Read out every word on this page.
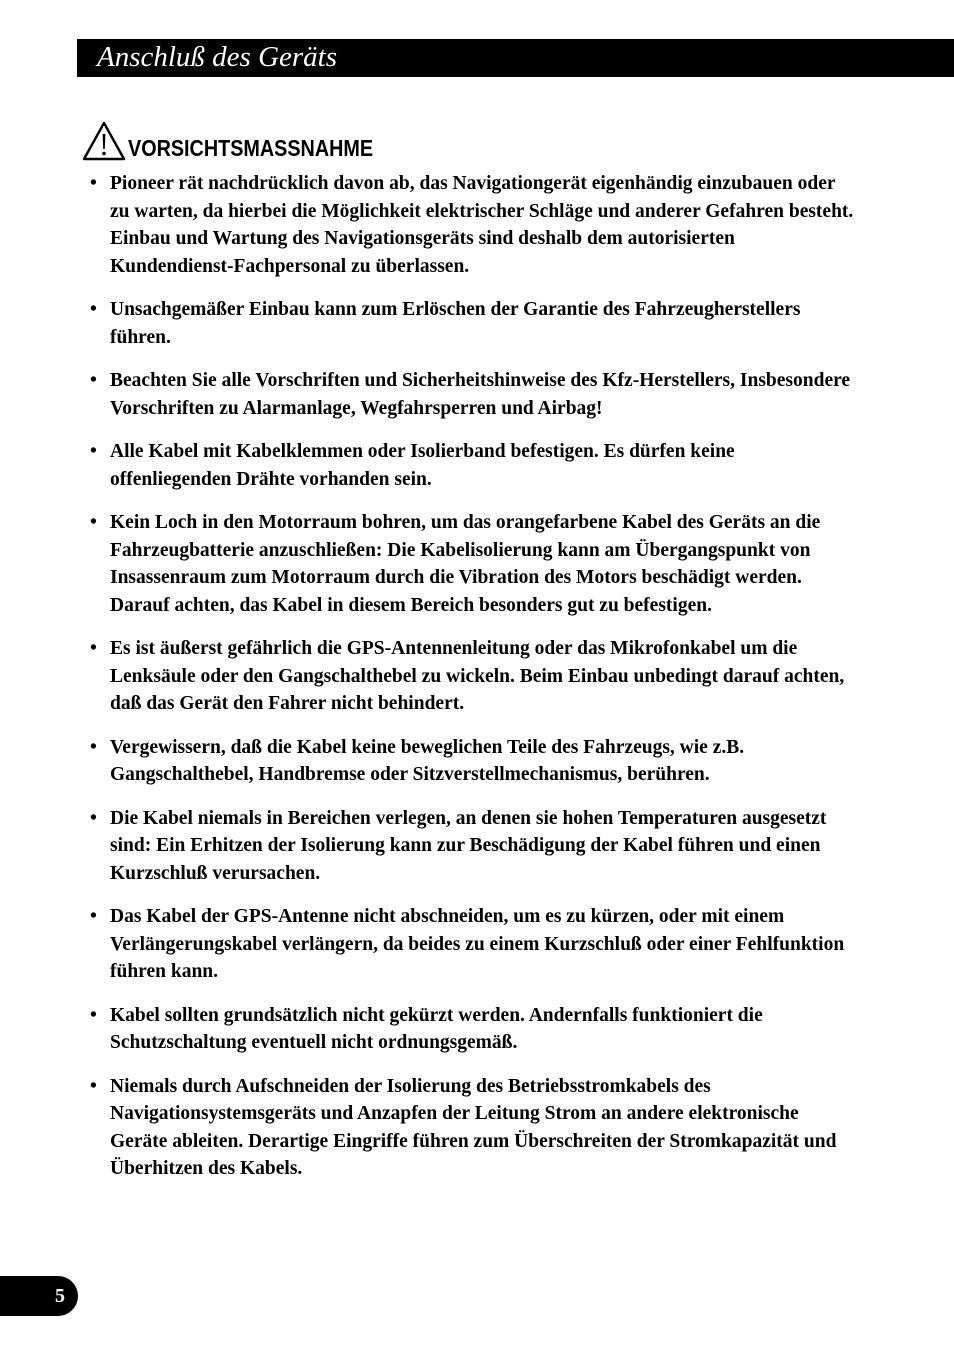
Anschluß des Geräts
VORSICHTSMASSNAHME
• Pioneer rät nachdrücklich davon ab, das Navigationgerät eigenhändig einzubauen oder zu warten, da hierbei die Möglichkeit elektrischer Schläge und anderer Gefahren besteht. Einbau und Wartung des Navigationsgeräts sind deshalb dem autorisierten Kundendienst-Fachpersonal zu überlassen.
• Unsachgemäßer Einbau kann zum Erlöschen der Garantie des Fahrzeugherstellers führen.
• Beachten Sie alle Vorschriften und Sicherheitshinweise des Kfz-Herstellers, Insbesondere Vorschriften zu Alarmanlage, Wegfahrsperren und Airbag!
• Alle Kabel mit Kabelklemmen oder Isolierband befestigen. Es dürfen keine offenliegenden Drähte vorhanden sein.
• Kein Loch in den Motorraum bohren, um das orangefarbene Kabel des Geräts an die Fahrzeugbatterie anzuschließen: Die Kabelisolierung kann am Übergangspunkt von Insassenraum zum Motorraum durch die Vibration des Motors beschädigt werden. Darauf achten, das Kabel in diesem Bereich besonders gut zu befestigen.
• Es ist äußerst gefährlich die GPS-Antennenleitung oder das Mikrofonkabel um die Lenksäule oder den Gangschalthebel zu wickeln. Beim Einbau unbedingt darauf achten, daß das Gerät den Fahrer nicht behindert.
• Vergewissern, daß die Kabel keine beweglichen Teile des Fahrzeugs, wie z.B. Gangschalthebel, Handbremse oder Sitzverstellmechanismus, berühren.
• Die Kabel niemals in Bereichen verlegen, an denen sie hohen Temperaturen ausgesetzt sind: Ein Erhitzen der Isolierung kann zur Beschädigung der Kabel führen und einen Kurzschluß verursachen.
• Das Kabel der GPS-Antenne nicht abschneiden, um es zu kürzen, oder mit einem Verlängerungskabel verlängern, da beides zu einem Kurzschluß oder einer Fehlfunktion führen kann.
• Kabel sollten grundsätzlich nicht gekürzt werden. Andernfalls funktioniert die Schutzschaltung eventuell nicht ordnungsgemäß.
• Niemals durch Aufschneiden der Isolierung des Betriebsstromkabels des Navigationsystemsgeräts und Anzapfen der Leitung Strom an andere elektronische Geräte ableiten. Derartige Eingriffe führen zum Überschreiten der Stromkapazität und Überhitzen des Kabels.
5
